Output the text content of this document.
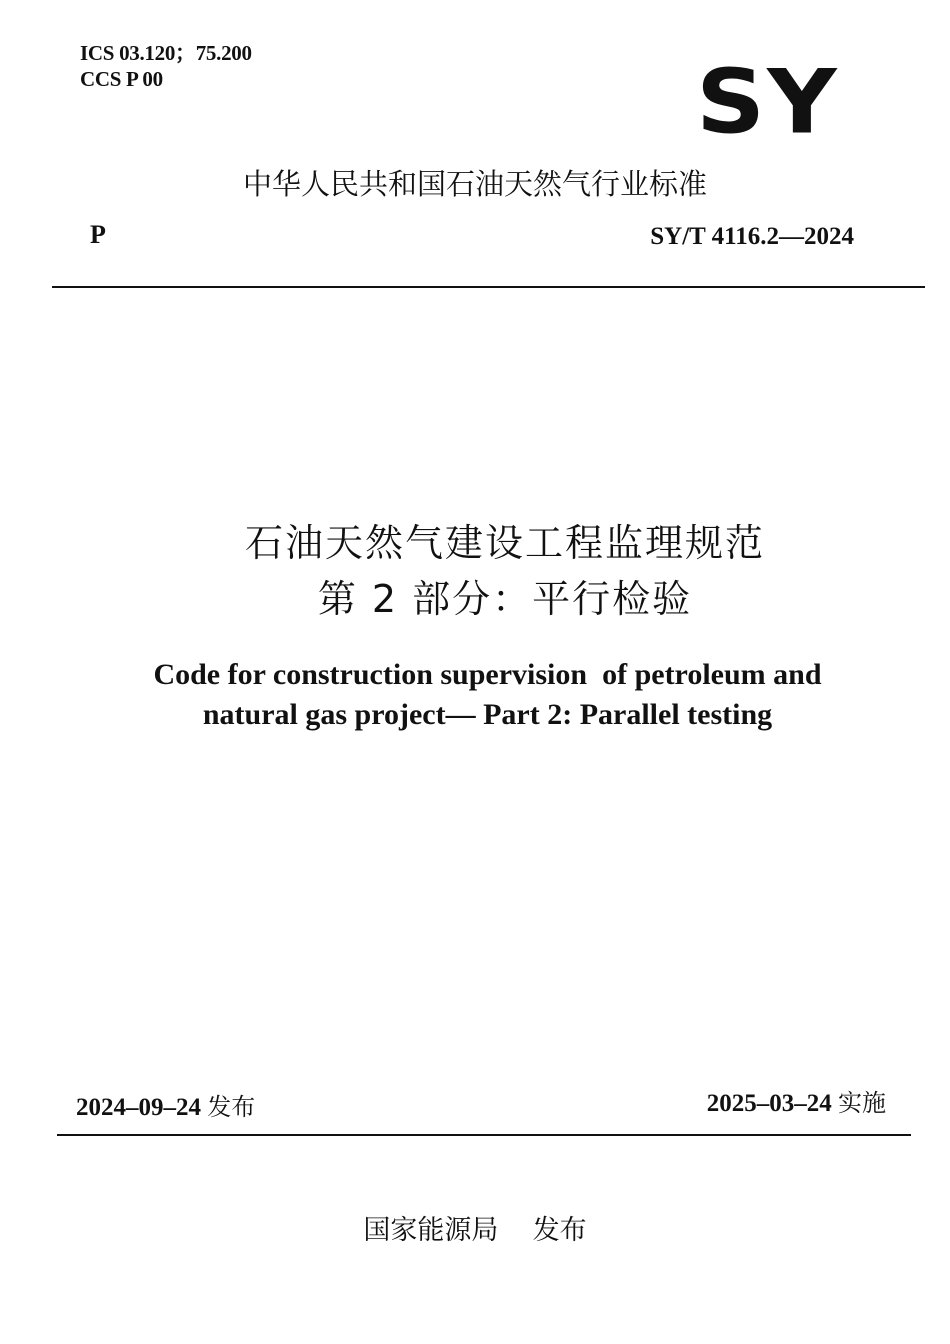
ICS 03.120；75.200
CCS P 00	SY
中华人民共和国石油天然气行业标准
P	SY/T 4116.2—2024
石油天然气建设工程监理规范
第 2 部分：平行检验
Code for construction supervision  of petroleum and
natural gas project— Part 2: Parallel testing
2024–09–24 发布	2025–03–24 实施
国家能源局    发布
